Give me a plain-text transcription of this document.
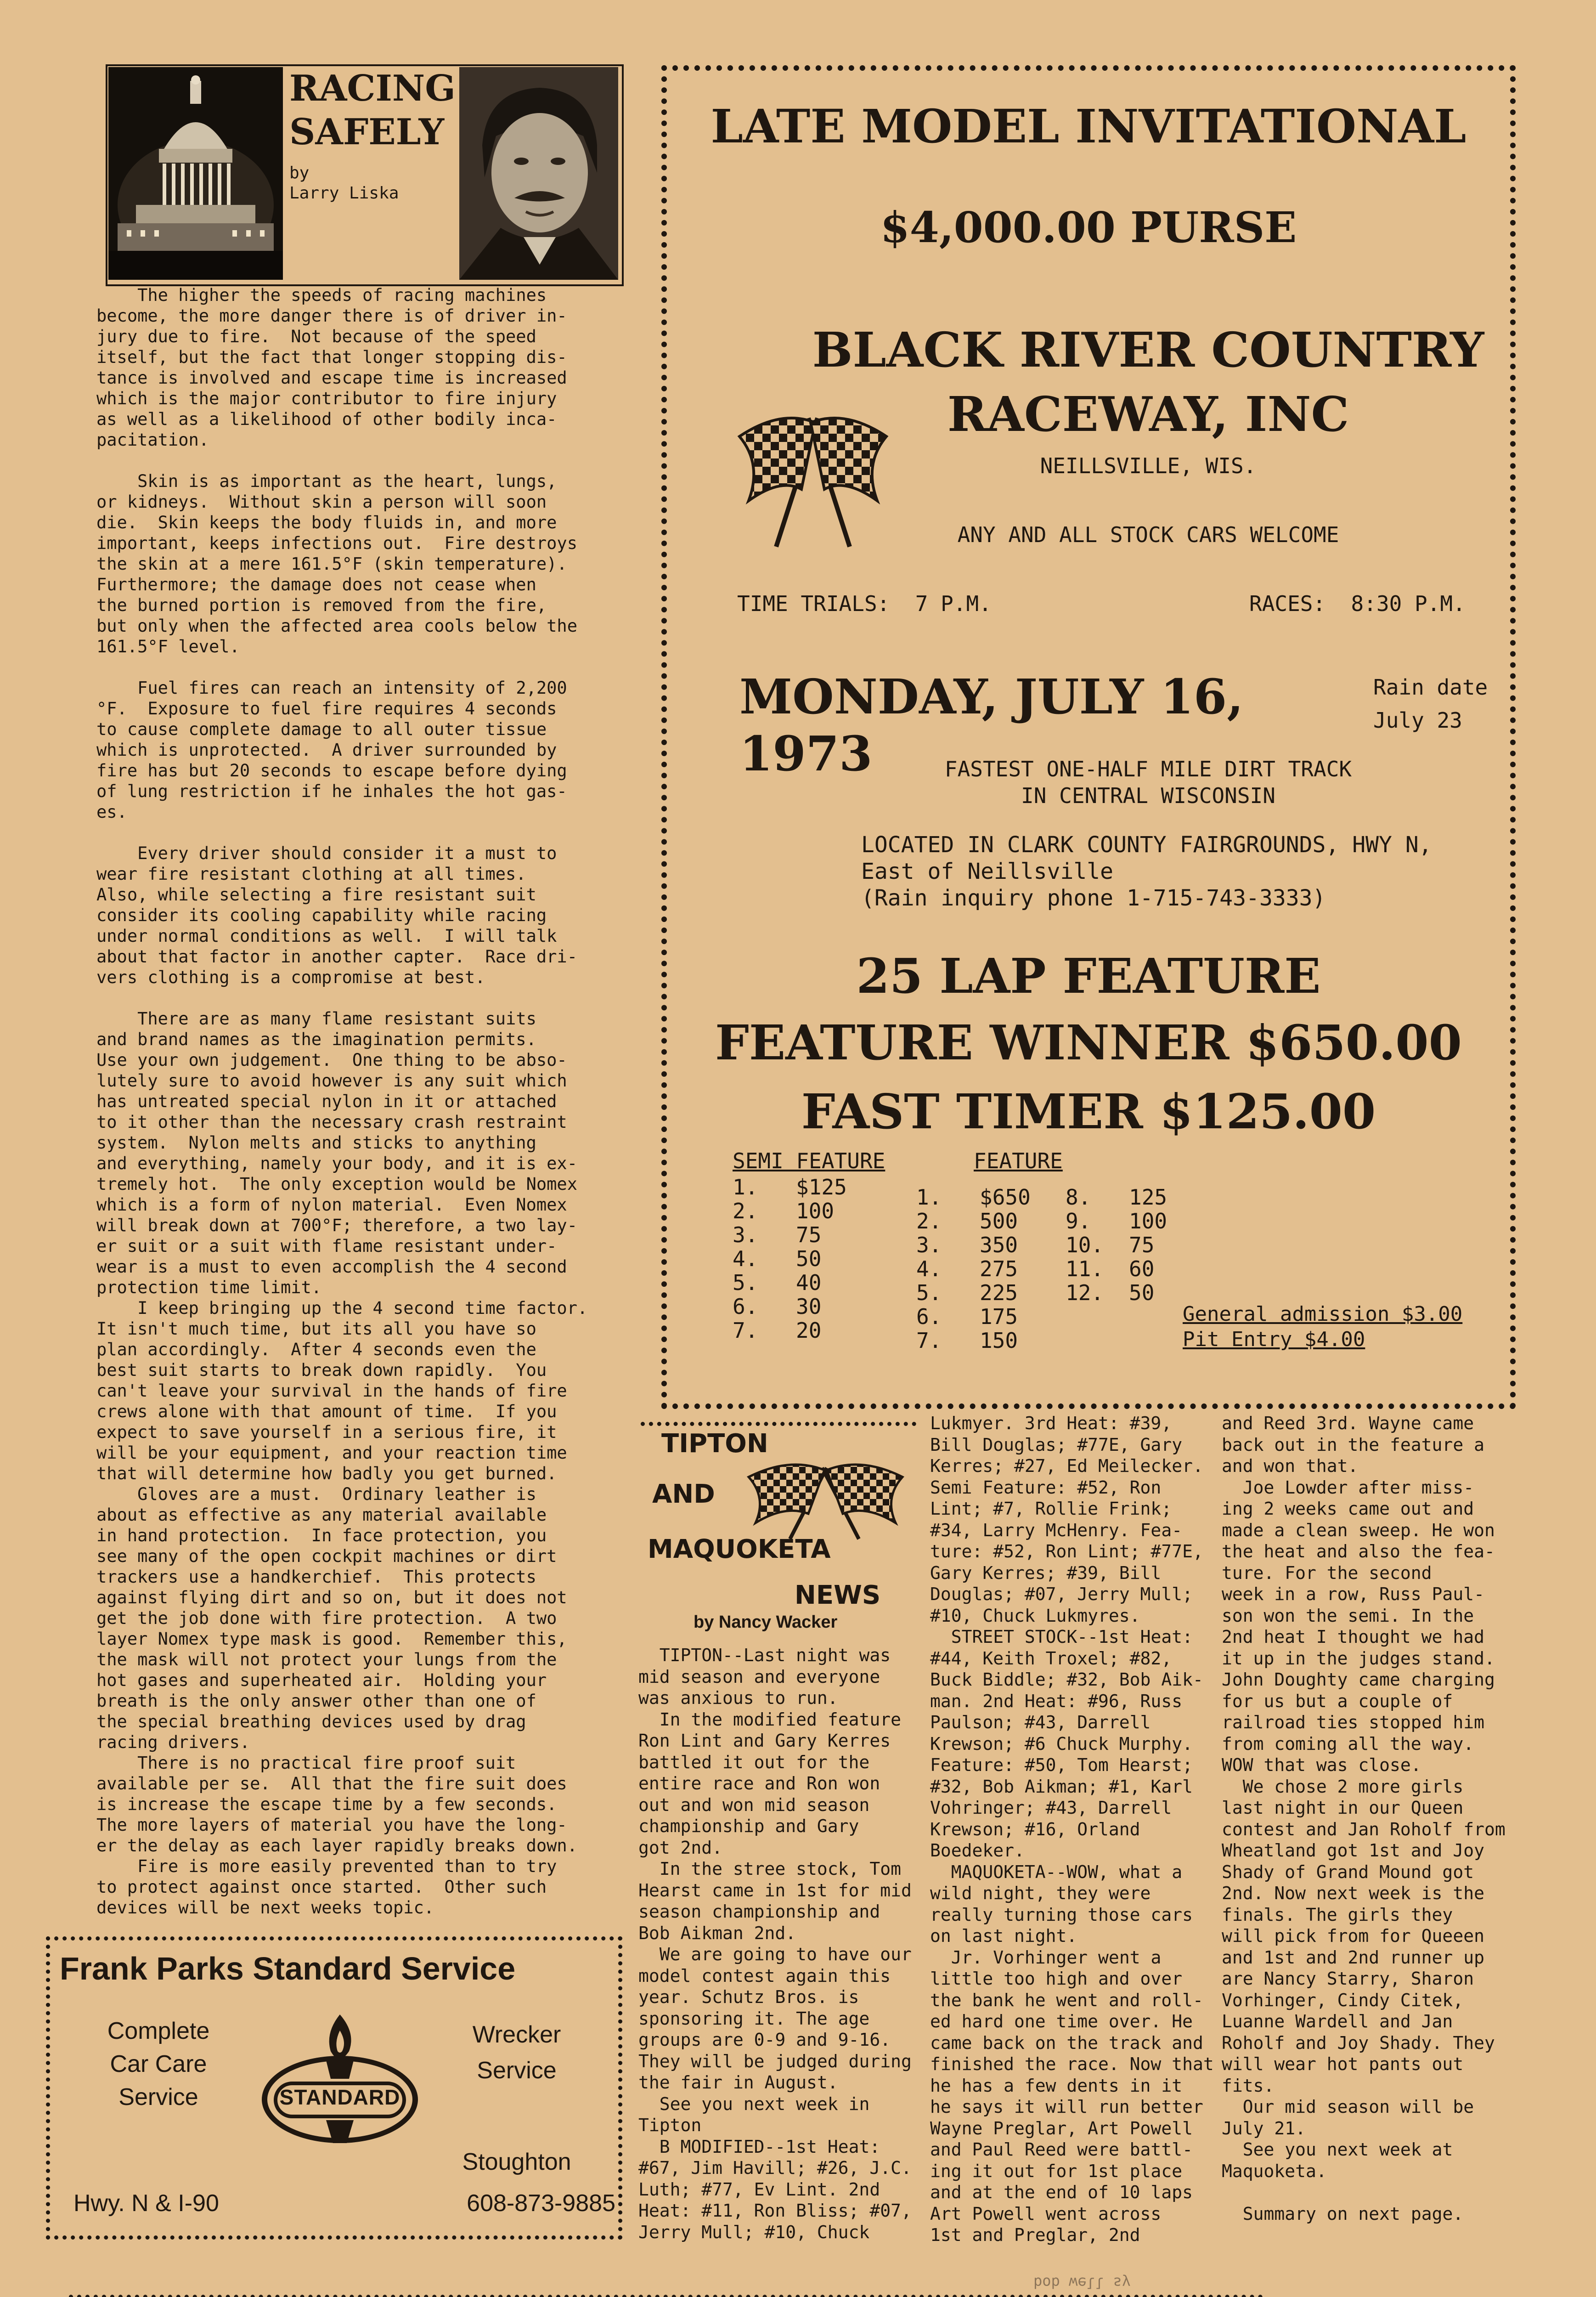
RACING
SAFELY
by
Larry Liska
The higher the speeds of racing machines
become, the more danger there is of driver in-
jury due to fire.  Not because of the speed
itself, but the fact that longer stopping dis-
tance is involved and escape time is increased
which is the major contributor to fire injury
as well as a likelihood of other bodily inca-
pacitation.

Skin is as important as the heart, lungs,
or kidneys.  Without skin a person will soon
die.  Skin keeps the body fluids in, and more
important, keeps infections out.  Fire destroys
the skin at a mere 161.5°F (skin temperature).
Furthermore; the damage does not cease when
the burned portion is removed from the fire,
but only when the affected area cools below the
161.5°F level.

Fuel fires can reach an intensity of 2,200
°F.  Exposure to fuel fire requires 4 seconds
to cause complete damage to all outer tissue
which is unprotected.  A driver surrounded by
fire has but 20 seconds to escape before dying
of lung restriction if he inhales the hot gas-
es.

Every driver should consider it a must to
wear fire resistant clothing at all times.
Also, while selecting a fire resistant suit
consider its cooling capability while racing
under normal conditions as well.  I will talk
about that factor in another capter.  Race dri-
vers clothing is a compromise at best.

There are as many flame resistant suits
and brand names as the imagination permits.
Use your own judgement.  One thing to be abso-
lutely sure to avoid however is any suit which
has untreated special nylon in it or attached
to it other than the necessary crash restraint
system.  Nylon melts and sticks to anything
and everything, namely your body, and it is ex-
tremely hot.  The only exception would be Nomex
which is a form of nylon material.  Even Nomex
will break down at 700°F; therefore, a two lay-
er suit or a suit with flame resistant under-
wear is a must to even accomplish the 4 second
protection time limit.
I keep bringing up the 4 second time factor.
It isn't much time, but its all you have so
plan accordingly.  After 4 seconds even the
best suit starts to break down rapidly.  You
can't leave your survival in the hands of fire
crews alone with that amount of time.  If you
expect to save yourself in a serious fire, it
will be your equipment, and your reaction time
that will determine how badly you get burned.
Gloves are a must.  Ordinary leather is
about as effective as any material available
in hand protection.  In face protection, you
see many of the open cockpit machines or dirt
trackers use a handkerchief.  This protects
against flying dirt and so on, but it does not
get the job done with fire protection.  A two
layer Nomex type mask is good.  Remember this,
the mask will not protect your lungs from the
hot gases and superheated air.  Holding your
breath is the only answer other than one of
the special breathing devices used by drag
racing drivers.
There is no practical fire proof suit
available per se.  All that the fire suit does
is increase the escape time by a few seconds.
The more layers of material you have the long-
er the delay as each layer rapidly breaks down.
Fire is more easily prevented than to try
to protect against once started.  Other such
devices will be next weeks topic.
LATE MODEL INVITATIONAL
$4,000.00 PURSE
BLACK RIVER COUNTRY
RACEWAY, INC
NEILLSVILLE, WIS.
ANY AND ALL STOCK CARS WELCOME
TIME TRIALS:  7 P.M.	RACES:  8:30 P.M.
MONDAY, JULY 16, 1973
Rain date
July 23
FASTEST ONE-HALF MILE DIRT TRACK
IN CENTRAL WISCONSIN
LOCATED IN CLARK COUNTY FAIRGROUNDS, HWY N,
East of Neillsville
(Rain inquiry phone 1-715-743-3333)
25 LAP FEATURE
FEATURE WINNER $650.00
FAST TIMER $125.00
SEMI FEATURE
1.	$125
2.	100
3.	75
4.	50
5.	40
6.	30
7.	20
FEATURE
1.	$650
2.	500
3.	350
4.	275
5.	225
6.	175
7.	150
8.	125
9.	100
10.	75
11.	60
12.	50
General admission $3.00
Pit Entry $4.00
Frank Parks Standard Service
Complete
Car Care
Service
Wrecker
Service
STANDARD
Stoughton
Hwy. N & I-90	608-873-9885
TIPTON
AND
MAQUOKETA
NEWS
by Nancy Wacker
TIPTON--Last night was
mid season and everyone
was anxious to run.
In the modified feature
Ron Lint and Gary Kerres
battled it out for the
entire race and Ron won
out and won mid season
championship and Gary
got 2nd.
In the stree stock, Tom
Hearst came in 1st for mid
season championship and
Bob Aikman 2nd.
We are going to have our
model contest again this
year. Schutz Bros. is
sponsoring it. The age
groups are 0-9 and 9-16.
They will be judged during
the fair in August.
See you next week in
Tipton
B MODIFIED--1st Heat:
#67, Jim Havill; #26, J.C.
Luth; #77, Ev Lint. 2nd
Heat: #11, Ron Bliss; #07,
Jerry Mull; #10, Chuck
Lukmyer. 3rd Heat: #39,
Bill Douglas; #77E, Gary
Kerres; #27, Ed Meilecker.
Semi Feature: #52, Ron
Lint; #7, Rollie Frink;
#34, Larry McHenry. Fea-
ture: #52, Ron Lint; #77E,
Gary Kerres; #39, Bill
Douglas; #07, Jerry Mull;
#10, Chuck Lukmyres.
STREET STOCK--1st Heat:
#44, Keith Troxel; #82,
Buck Biddle; #32, Bob Aik-
man. 2nd Heat: #96, Russ
Paulson; #43, Darrell
Krewson; #6 Chuck Murphy.
Feature: #50, Tom Hearst;
#32, Bob Aikman; #1, Karl
Vohringer; #43, Darrell
Krewson; #16, Orland
Boedeker.
MAQUOKETA--WOW, what a
wild night, they were
really turning those cars
on last night.
Jr. Vorhinger went a
little too high and over
the bank he went and roll-
ed hard one time over. He
came back on the track and
finished the race. Now that
he has a few dents in it
he says it will run better
Wayne Preglar, Art Powell
and Paul Reed were battl-
ing it out for 1st place
and at the end of 10 laps
Art Powell went across
1st and Preglar, 2nd
and Reed 3rd. Wayne came
back out in the feature a
and won that.
Joe Lowder after miss-
ing 2 weeks came out and
made a clean sweep. He won
the heat and also the fea-
ture. For the second
week in a row, Russ Paul-
son won the semi. In the
2nd heat I thought we had
it up in the judges stand.
John Doughty came charging
for us but a couple of
railroad ties stopped him
from coming all the way.
WOW that was close.
We chose 2 more girls
last night in our Queen
contest and Jan Roholf from
Wheatland got 1st and Joy
Shady of Grand Mound got
2nd. Now next week is the
finals. The girls they
will pick from for Queeen
and 1st and 2nd runner up
are Nancy Starry, Sharon
Vorhinger, Cindy Citek,
Luanne Wardell and Jan
Roholf and Joy Shady. They
will wear hot pants out
fits.
Our mid season will be
July 21.
See you next week at
Maquoketa.

Summary on next page.
bob well sy
